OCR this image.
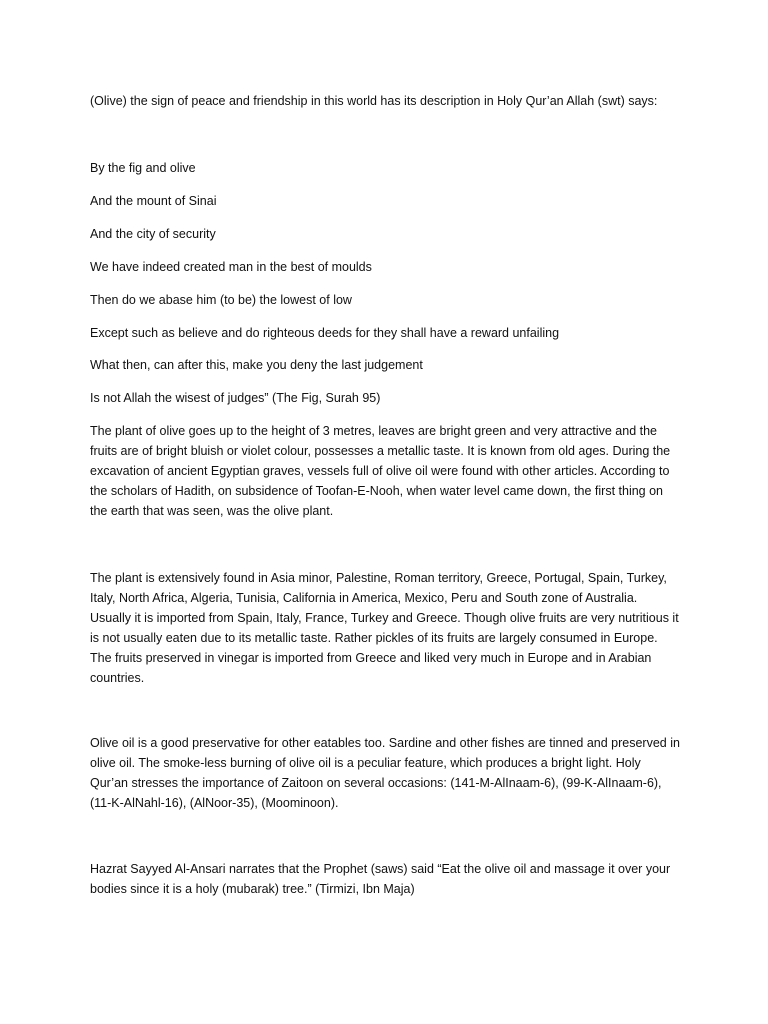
(Olive) the sign of peace and friendship in this world has its description in Holy Qur’an Allah (swt) says:

By the fig and olive

And the mount of Sinai

And the city of security

We have indeed created man in the best of moulds

Then do we abase him (to be) the lowest of low

Except such as believe and do righteous deeds for they shall have a reward unfailing

What then, can after this, make you deny the last judgement

Is not Allah the wisest of judges” (The Fig, Surah 95)

The plant of olive goes up to the height of 3 metres, leaves are bright green and very attractive and the fruits are of bright bluish or violet colour, possesses a metallic taste. It is known from old ages. During the excavation of ancient Egyptian graves, vessels full of olive oil were found with other articles. According to the scholars of Hadith, on subsidence of Toofan-E-Nooh, when water level came down, the first thing on the earth that was seen, was the olive plant.

The plant is extensively found in Asia minor, Palestine, Roman territory, Greece, Portugal, Spain, Turkey, Italy, North Africa, Algeria, Tunisia, California in America, Mexico, Peru and South zone of Australia. Usually it is imported from Spain, Italy, France, Turkey and Greece. Though olive fruits are very nutritious it is not usually eaten due to its metallic taste. Rather pickles of its fruits are largely consumed in Europe. The fruits preserved in vinegar is imported from Greece and liked very much in Europe and in Arabian countries.

Olive oil is a good preservative for other eatables too. Sardine and other fishes are tinned and preserved in olive oil. The smoke-less burning of olive oil is a peculiar feature, which produces a bright light. Holy Qur’an stresses the importance of Zaitoon on several occasions: (141-M-AlInaam-6), (99-K-AlInaam-6), (11-K-AlNahl-16), (AlNoor-35), (Moominoon).

Hazrat Sayyed Al-Ansari narrates that the Prophet (saws) said “Eat the olive oil and massage it over your bodies since it is a holy (mubarak) tree.” (Tirmizi, Ibn Maja)
